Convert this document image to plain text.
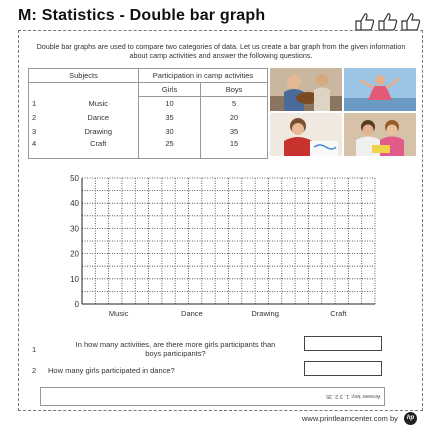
M: Statistics - Double bar graph
Double bar graphs are used to compare two categories of data. Let us create a bar graph from the given information about camp activities and answer the following questions.
Subjects		Participation in camp activities	
		Girls	Boys
1	Music	10	5
2	Dance	35	20
3	Drawing	30	35
4	Craft	25	15
50
40
30
20
10
0
Music	Dance	Drawing	Craft
1
In how many activities, are there more girls participants than
boys participants?
2 How many girls participated in dance?
Answer key: 1. 3 2. 35
www.printlearncenter.com by	hp
